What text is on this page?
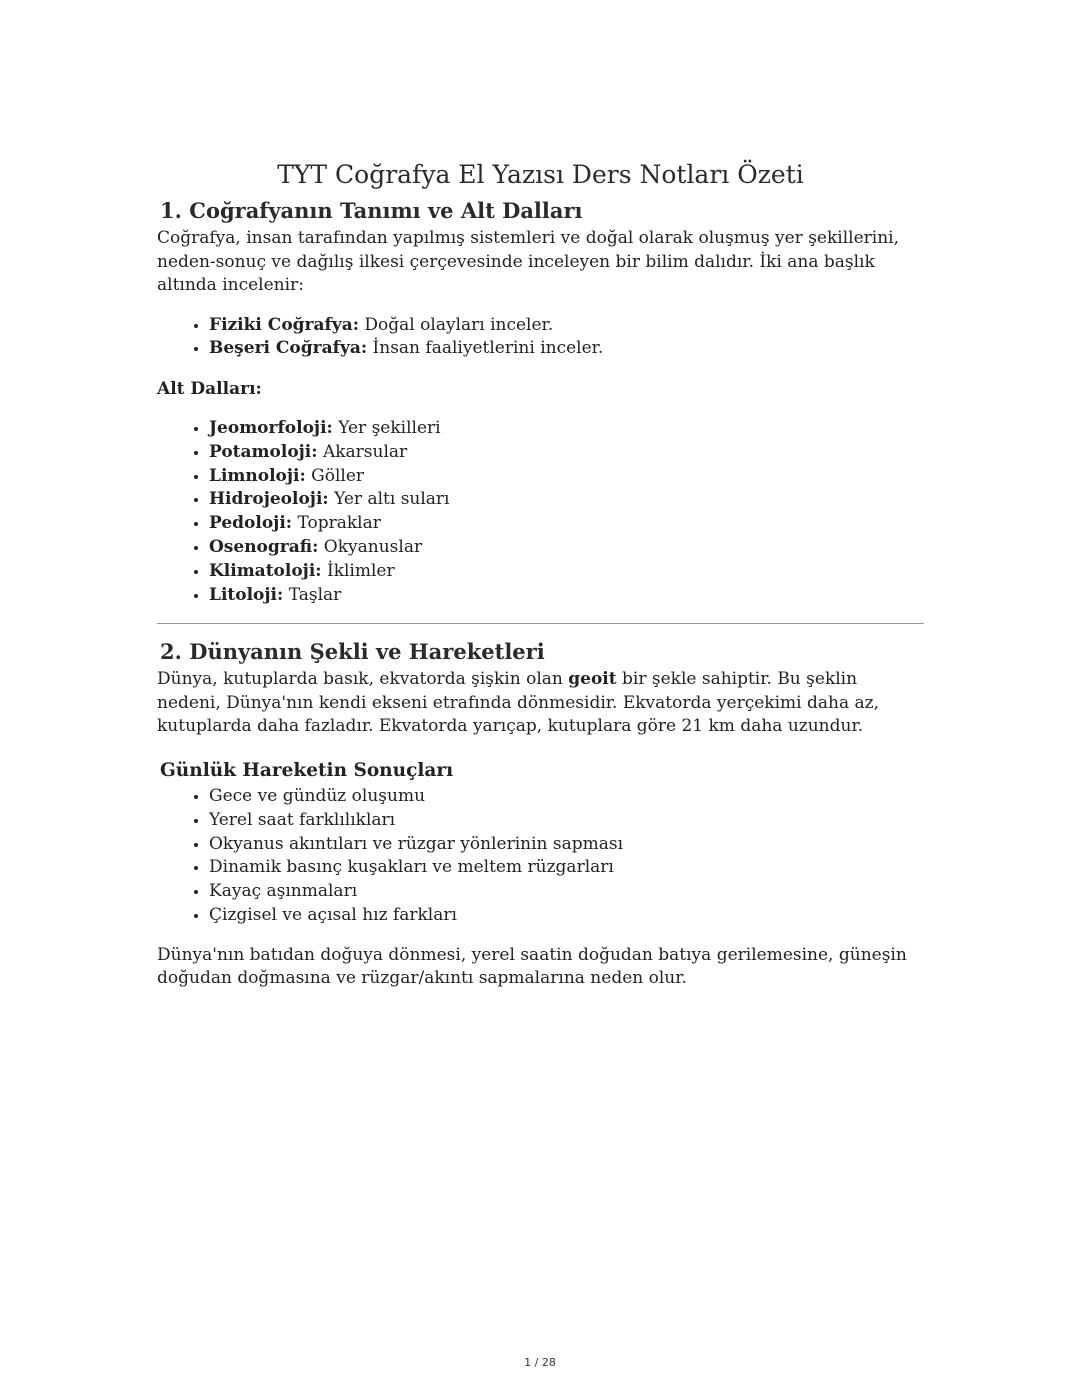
TYT Coğrafya El Yazısı Ders Notları Özeti
1. Coğrafyanın Tanımı ve Alt Dalları

Coğrafya, insan tarafından yapılmış sistemleri ve doğal olarak oluşmuş yer şekillerini, neden-sonuç ve dağılış ilkesi çerçevesinde inceleyen bir bilim dalıdır. İki ana başlık altında incelenir:

• Fiziki Coğrafya: Doğal olayları inceler.
• Beşeri Coğrafya: İnsan faaliyetlerini inceler.

Alt Dalları:

• Jeomorfoloji: Yer şekilleri
• Potamoloji: Akarsular
• Limnoloji: Göller
• Hidrojeoloji: Yer altı suları
• Pedoloji: Topraklar
• Osenografi: Okyanuslar
• Klimatoloji: İklimler
• Litoloji: Taşlar
2. Dünyanın Şekli ve Hareketleri

Dünya, kutuplarda basık, ekvatorda şişkin olan geoit bir şekle sahiptir. Bu şeklin nedeni, Dünya'nın kendi ekseni etrafında dönmesidir. Ekvatorda yerçekimi daha az, kutuplarda daha fazladır. Ekvatorda yarıçap, kutuplara göre 21 km daha uzundur.

Günlük Hareketin Sonuçları
• Gece ve gündüz oluşumu
• Yerel saat farklılıkları
• Okyanus akıntıları ve rüzgar yönlerinin sapması
• Dinamik basınç kuşakları ve meltem rüzgarları
• Kayaç aşınmaları
• Çizgisel ve açısal hız farkları

Dünya'nın batıdan doğuya dönmesi, yerel saatin doğudan batıya gerilemesine, güneşin doğudan doğmasına ve rüzgar/akıntı sapmalarına neden olur.

1 / 28
